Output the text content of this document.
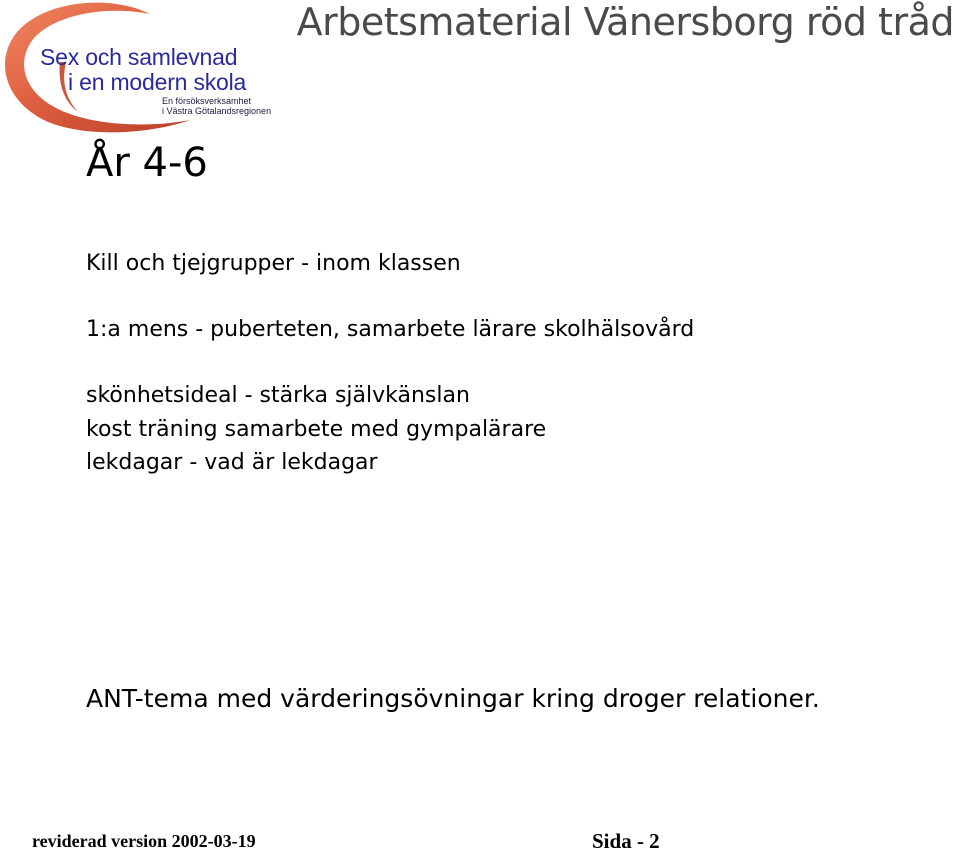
Sex och samlevnad
i en modern skola
En försöksverksamhet
i Västra Götalandsregionen
Arbetsmaterial Vänersborg röd tråd
År 4-6

Kill och tjejgrupper - inom klassen

1:a mens - puberteten, samarbete lärare skolhälsovård

skönhetsideal - stärka självkänslan

kost träning samarbete med gympalärare

lekdagar - vad är lekdagar

ANT-tema med värderingsövningar kring droger relationer.

reviderad version 2002-03-19	Sida - 2
